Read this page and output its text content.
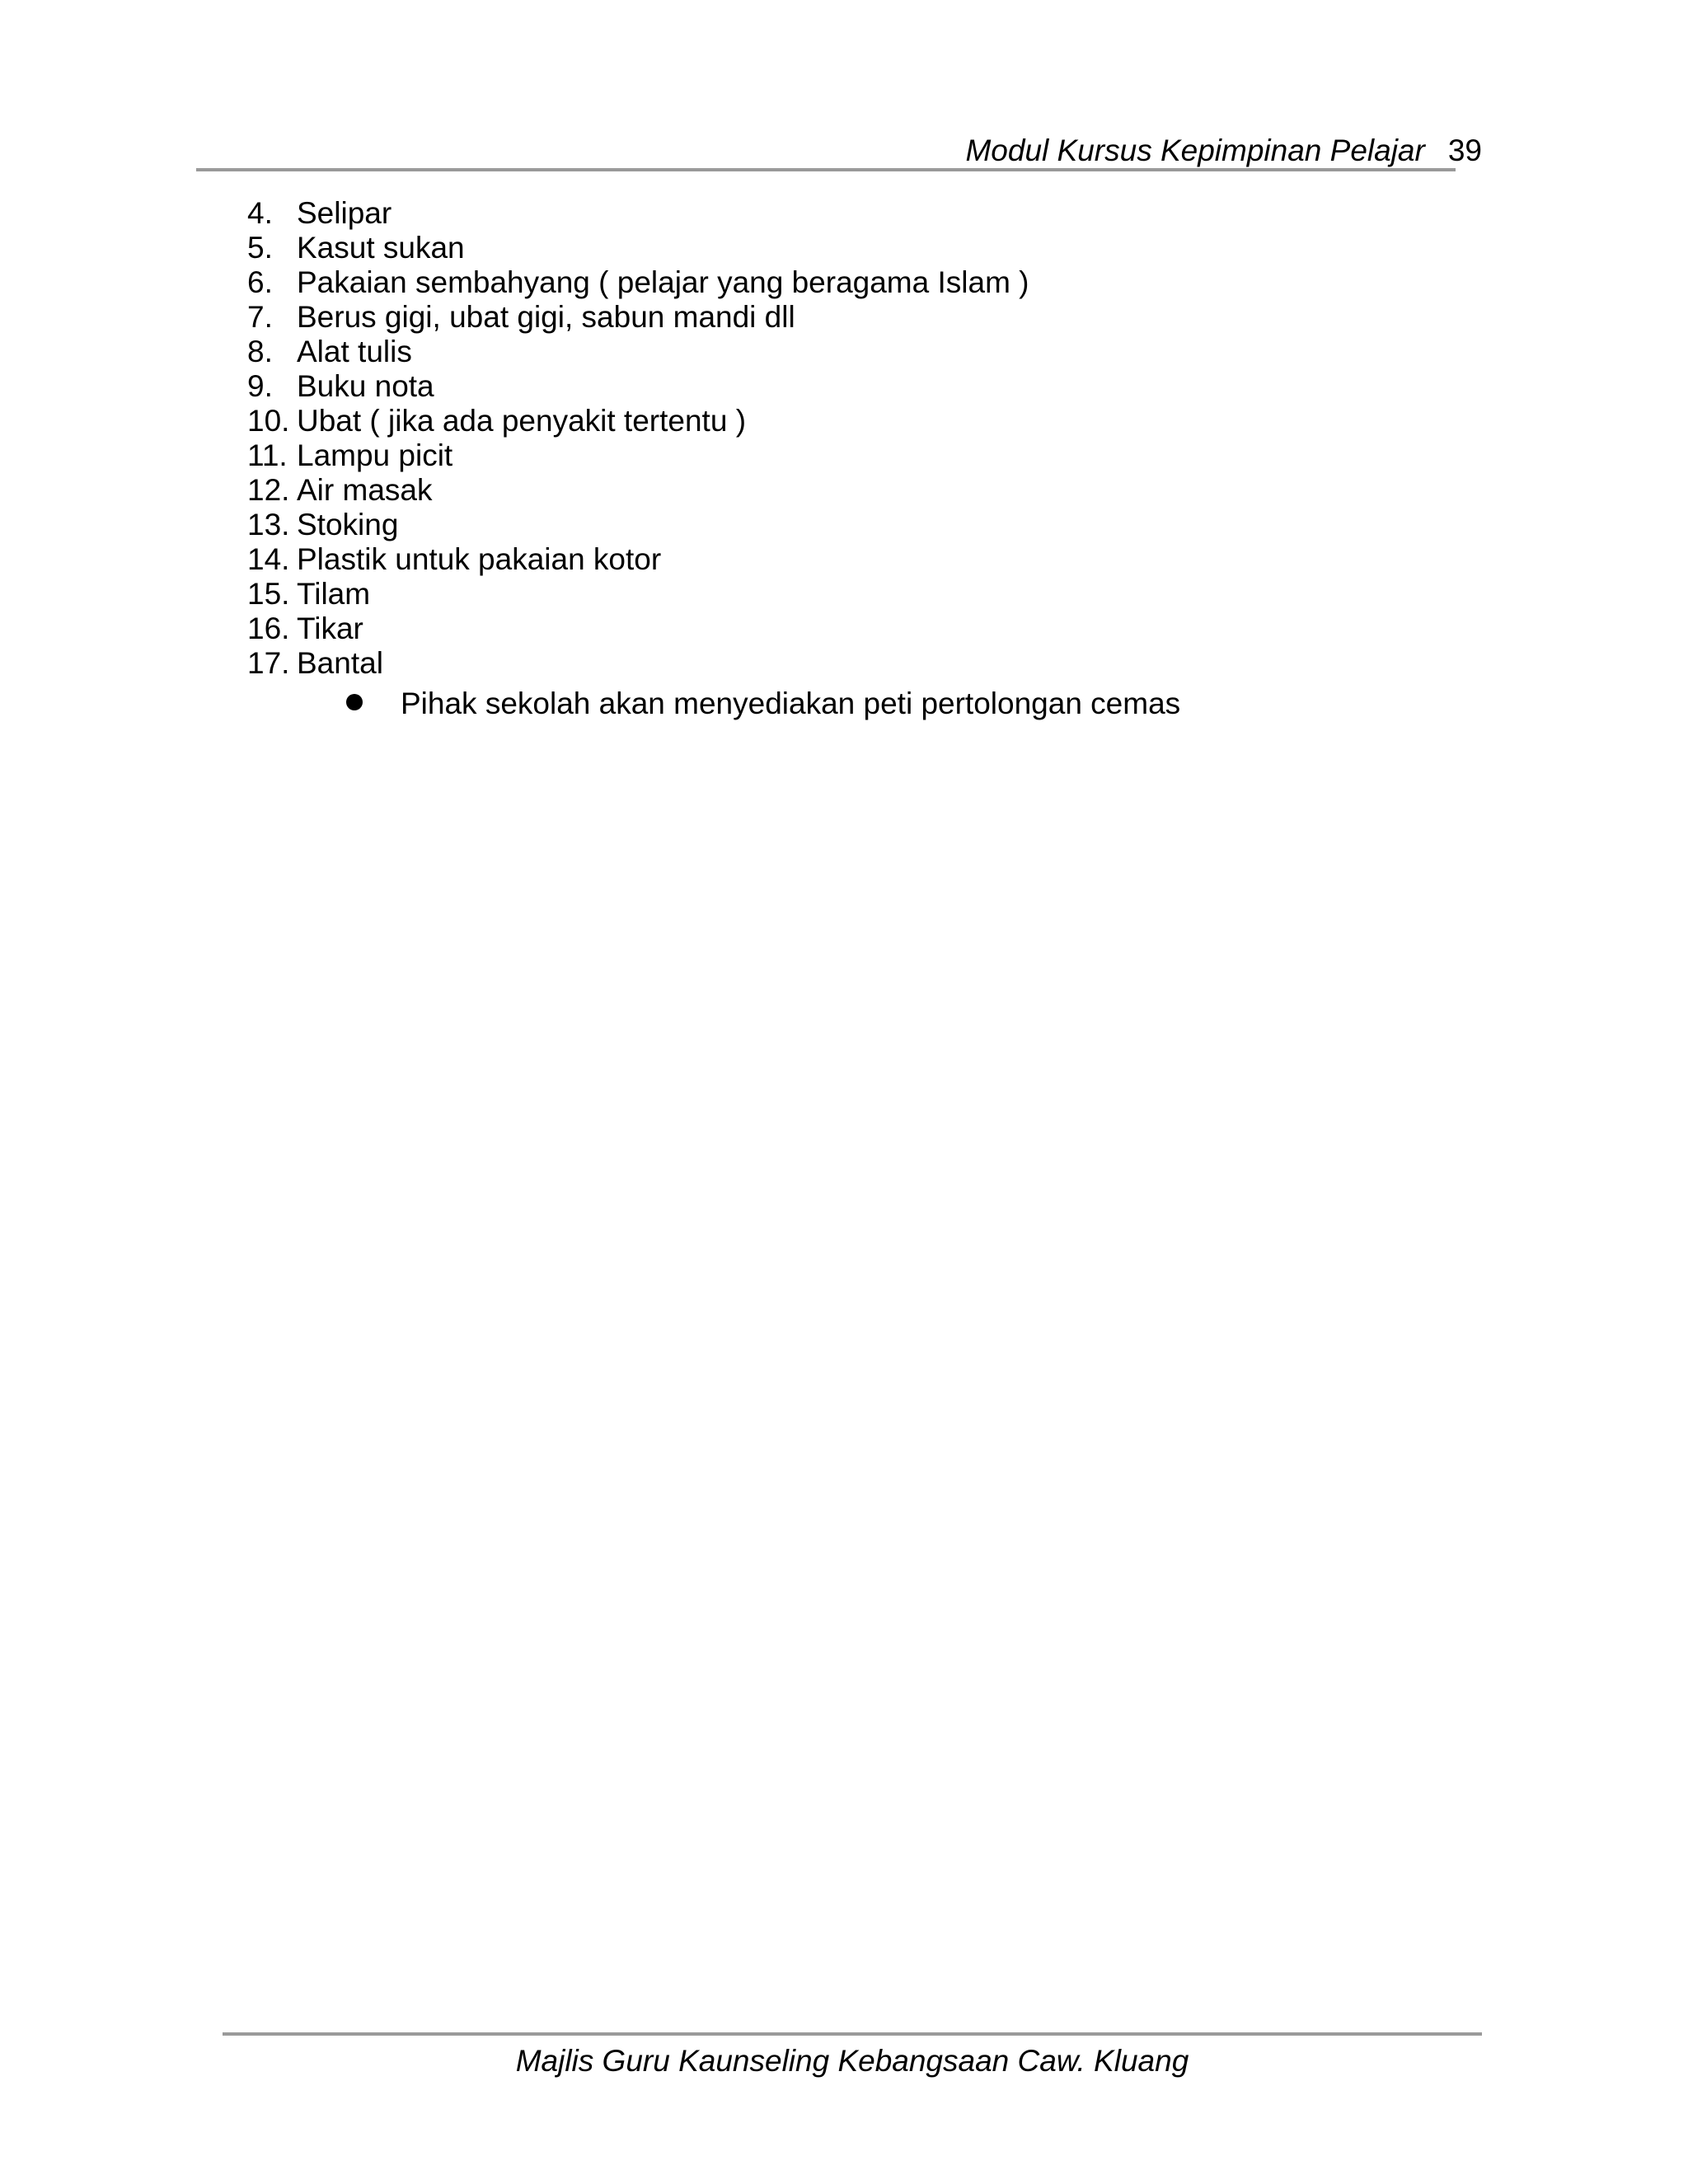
Modul Kursus Kepimpinan Pelajar 39
4. Selipar
5. Kasut sukan
6. Pakaian sembahyang ( pelajar yang beragama Islam )
7. Berus gigi, ubat gigi, sabun mandi dll
8. Alat tulis
9. Buku nota
10. Ubat ( jika ada penyakit tertentu )
11. Lampu picit
12. Air masak
13. Stoking
14. Plastik untuk pakaian kotor
15. Tilam
16. Tikar
17. Bantal
Pihak sekolah akan menyediakan peti pertolongan cemas
Majlis Guru Kaunseling Kebangsaan Caw. Kluang
